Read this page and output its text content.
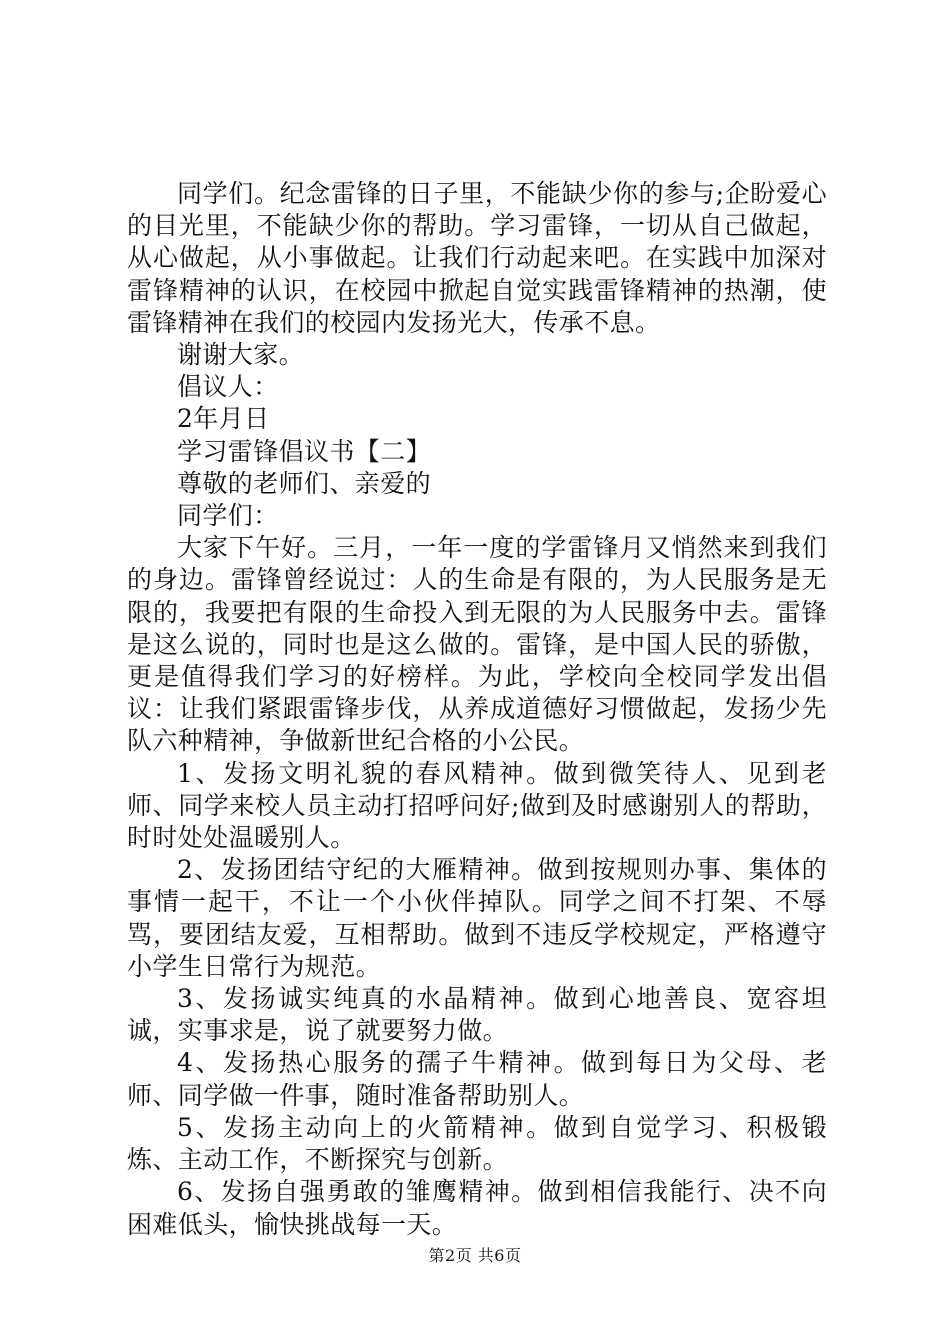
同学们。纪念雷锋的日子里，不能缺少你的参与;企盼爱心的目光里，不能缺少你的帮助。学习雷锋，一切从自己做起，从心做起，从小事做起。让我们行动起来吧。在实践中加深对雷锋精神的认识，在校园中掀起自觉实践雷锋精神的热潮，使雷锋精神在我们的校园内发扬光大，传承不息。

谢谢大家。

倡议人：

2年月日

学习雷锋倡议书【二】

尊敬的老师们、亲爱的

同学们：

大家下午好。三月，一年一度的学雷锋月又悄然来到我们的身边。雷锋曾经说过：人的生命是有限的，为人民服务是无限的，我要把有限的生命投入到无限的为人民服务中去。雷锋是这么说的，同时也是这么做的。雷锋，是中国人民的骄傲，更是值得我们学习的好榜样。为此，学校向全校同学发出倡议：让我们紧跟雷锋步伐，从养成道德好习惯做起，发扬少先队六种精神，争做新世纪合格的小公民。

1、发扬文明礼貌的春风精神。做到微笑待人、见到老师、同学来校人员主动打招呼问好;做到及时感谢别人的帮助，时时处处温暖别人。

2、发扬团结守纪的大雁精神。做到按规则办事、集体的事情一起干，不让一个小伙伴掉队。同学之间不打架、不辱骂，要团结友爱，互相帮助。做到不违反学校规定，严格遵守小学生日常行为规范。

3、发扬诚实纯真的水晶精神。做到心地善良、宽容坦诚，实事求是，说了就要努力做。

4、发扬热心服务的孺子牛精神。做到每日为父母、老师、同学做一件事，随时准备帮助别人。

5、发扬主动向上的火箭精神。做到自觉学习、积极锻炼、主动工作，不断探究与创新。

6、发扬自强勇敢的雏鹰精神。做到相信我能行、决不向困难低头，愉快挑战每一天。

第2页 共6页
